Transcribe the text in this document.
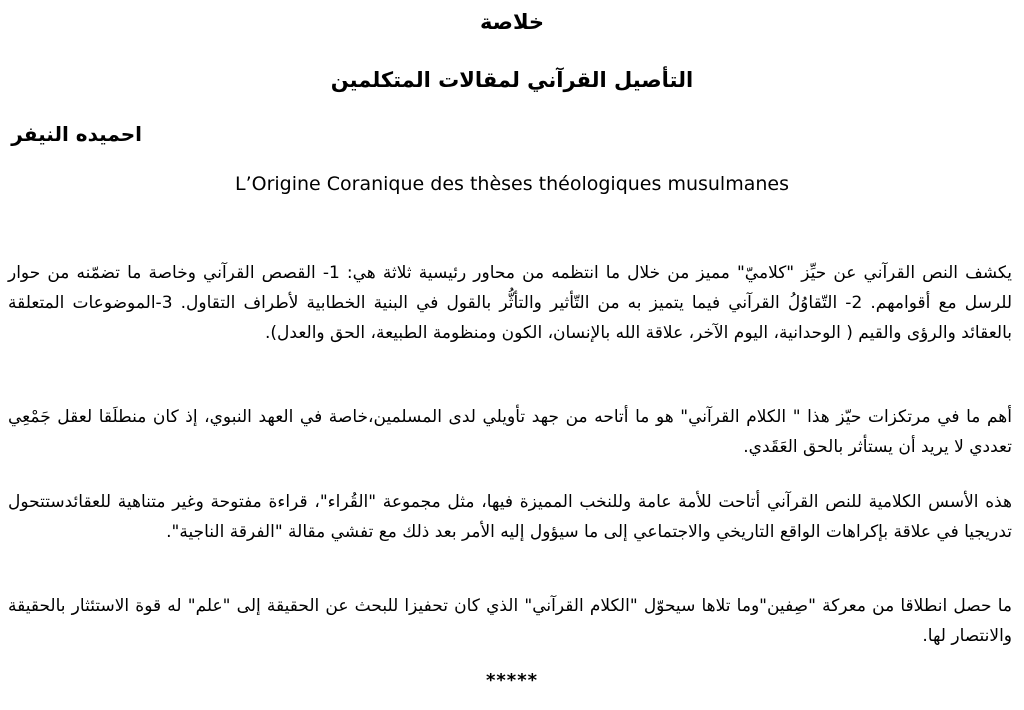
خلاصة
التأصيل القرآني لمقالات المتكلمين
احميده النيفر
L’Origine Coranique des thèses théologiques musulmanes
يكشف النص القرآني عن حيِّز "كلاميّ" مميز من خلال ما انتظمه من محاور رئيسية ثلاثة هي: 1- القصص القرآني وخاصة ما تضمّنه من حوار للرسل مع أقوامهم. 2- التّقاوُلُ القرآني فيما يتميز به من التّأثير والتأثُّر بالقول في البنية الخطابية لأطراف التقاول. 3-الموضوعات المتعلقة بالعقائد والرؤى والقيم ( الوحدانية، اليوم الآخر، علاقة الله بالإنسان، الكون ومنظومة الطبيعة، الحق والعدل).
أهم ما في مرتكزات حيّز هذا " الكلام القرآني" هو ما أتاحه من جهد تأويلي لدى المسلمين،خاصة في العهد النبوي، إذ كان منطلَقا لعقل جَمْعِي تعددي لا يريد أن يستأثر بالحق العَقَدي.
هذه الأسس الكلامية للنص القرآني أتاحت للأمة عامة وللنخب المميزة فيها، مثل مجموعة "القُراء"، قراءة مفتوحة وغير متناهية للعقائدستتحول تدريجيا في علاقة بإكراهات الواقع التاريخي والاجتماعي إلى ما سيؤول إليه الأمر بعد ذلك مع تفشي مقالة "الفرقة الناجية".
ما حصل انطلاقا من معركة "صِفين"وما تلاها سيحوّل "الكلام القرآني" الذي كان تحفيزا للبحث عن الحقيقة إلى "علم" له قوة الاستئثار بالحقيقة والانتصار لها.
*****
